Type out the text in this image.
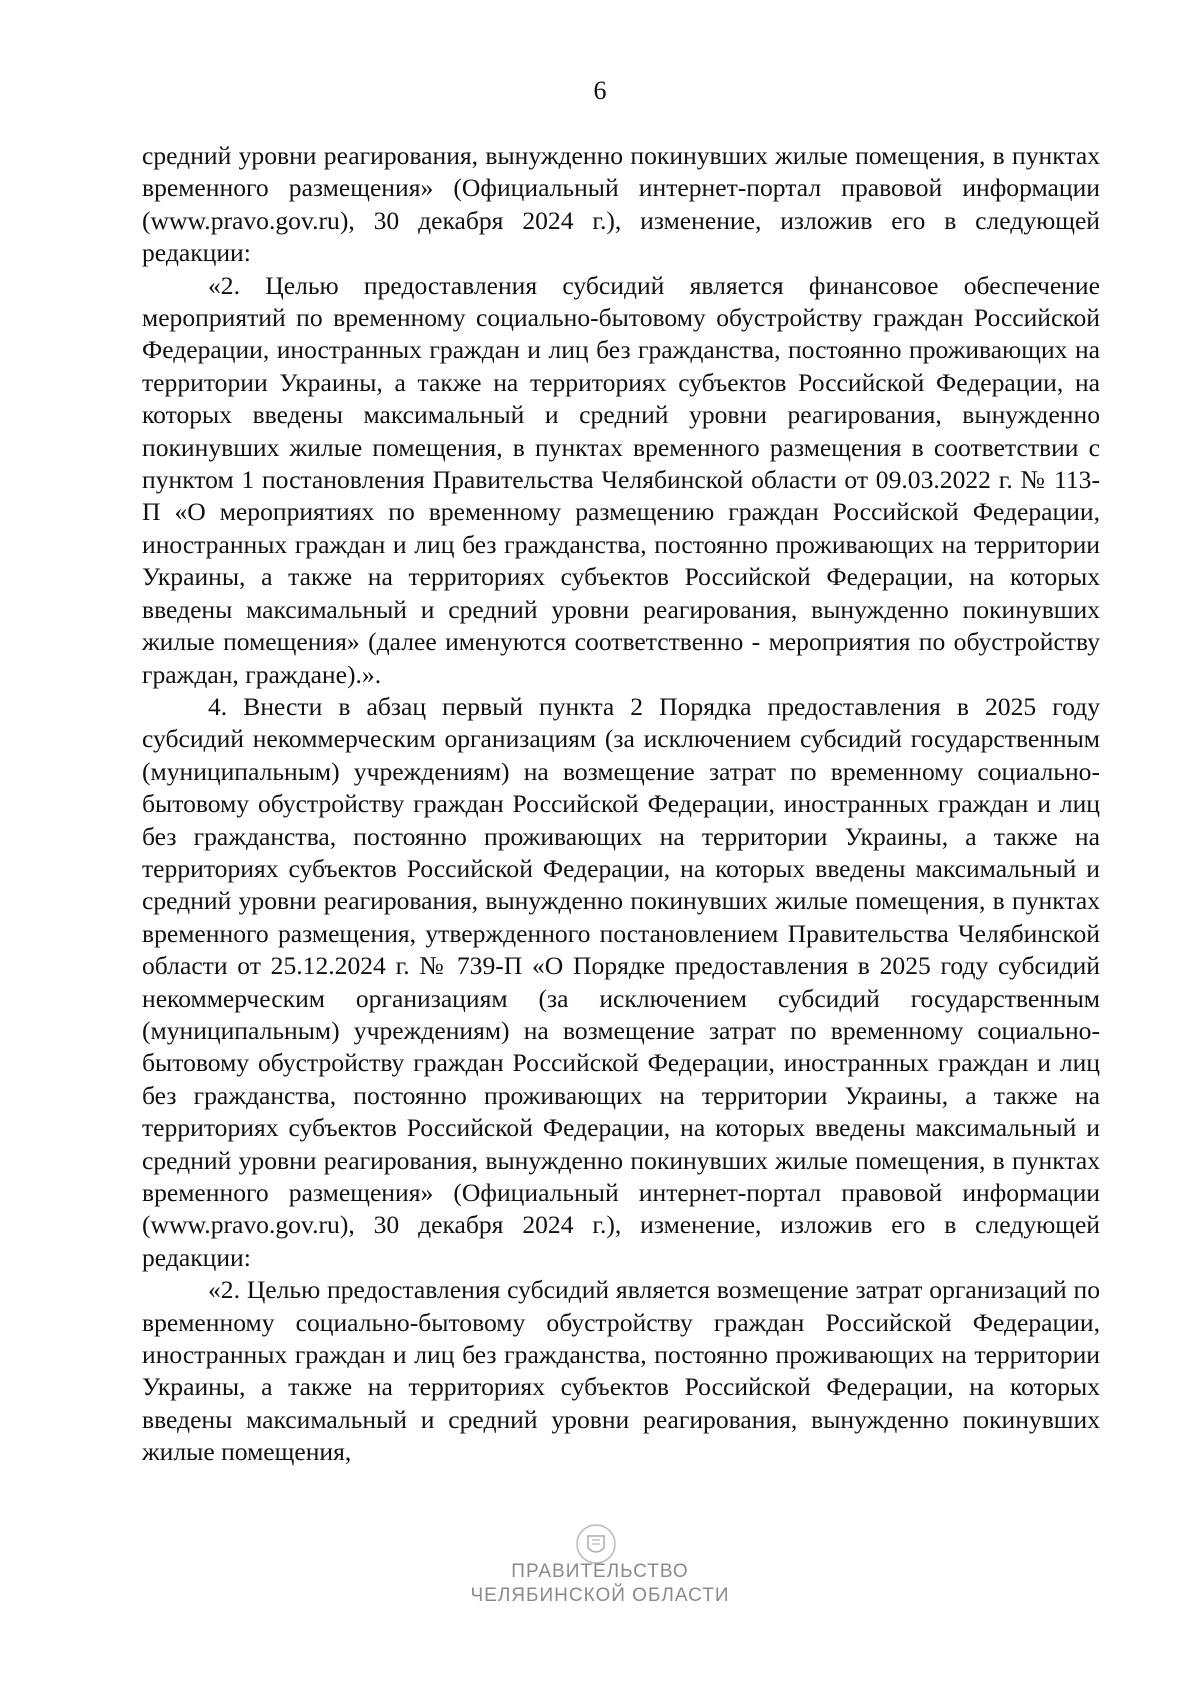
6

средний уровни реагирования, вынужденно покинувших жилые помещения, в пунктах временного размещения» (Официальный интернет-портал правовой информации (www.pravo.gov.ru), 30 декабря 2024 г.), изменение, изложив его в следующей редакции:

«2. Целью предоставления субсидий является финансовое обеспечение мероприятий по временному социально-бытовому обустройству граждан Российской Федерации, иностранных граждан и лиц без гражданства, постоянно проживающих на территории Украины, а также на территориях субъектов Российской Федерации, на которых введены максимальный и средний уровни реагирования, вынужденно покинувших жилые помещения, в пунктах временного размещения в соответствии с пунктом 1 постановления Правительства Челябинской области от 09.03.2022 г. № 113-П «О мероприятиях по временному размещению граждан Российской Федерации, иностранных граждан и лиц без гражданства, постоянно проживающих на территории Украины, а также на территориях субъектов Российской Федерации, на которых введены максимальный и средний уровни реагирования, вынужденно покинувших жилые помещения» (далее именуются соответственно - мероприятия по обустройству граждан, граждане).».

4. Внести в абзац первый пункта 2 Порядка предоставления в 2025 году субсидий некоммерческим организациям (за исключением субсидий государственным (муниципальным) учреждениям) на возмещение затрат по временному социально-бытовому обустройству граждан Российской Федерации, иностранных граждан и лиц без гражданства, постоянно проживающих на территории Украины, а также на территориях субъектов Российской Федерации, на которых введены максимальный и средний уровни реагирования, вынужденно покинувших жилые помещения, в пунктах временного размещения, утвержденного постановлением Правительства Челябинской области от 25.12.2024 г. № 739-П «О Порядке предоставления в 2025 году субсидий некоммерческим организациям (за исключением субсидий государственным (муниципальным) учреждениям) на возмещение затрат по временному социально-бытовому обустройству граждан Российской Федерации, иностранных граждан и лиц без гражданства, постоянно проживающих на территории Украины, а также на территориях субъектов Российской Федерации, на которых введены максимальный и средний уровни реагирования, вынужденно покинувших жилые помещения, в пунктах временного размещения» (Официальный интернет-портал правовой информации (www.pravo.gov.ru), 30 декабря 2024 г.), изменение, изложив его в следующей редакции:

«2. Целью предоставления субсидий является возмещение затрат организаций по временному социально-бытовому обустройству граждан Российской Федерации, иностранных граждан и лиц без гражданства, постоянно проживающих на территории Украины, а также на территориях субъектов Российской Федерации, на которых введены максимальный и средний уровни реагирования, вынужденно покинувших жилые помещения,

ПРАВИТЕЛЬСТВО
ЧЕЛЯБИНСКОЙ ОБЛАСТИ
